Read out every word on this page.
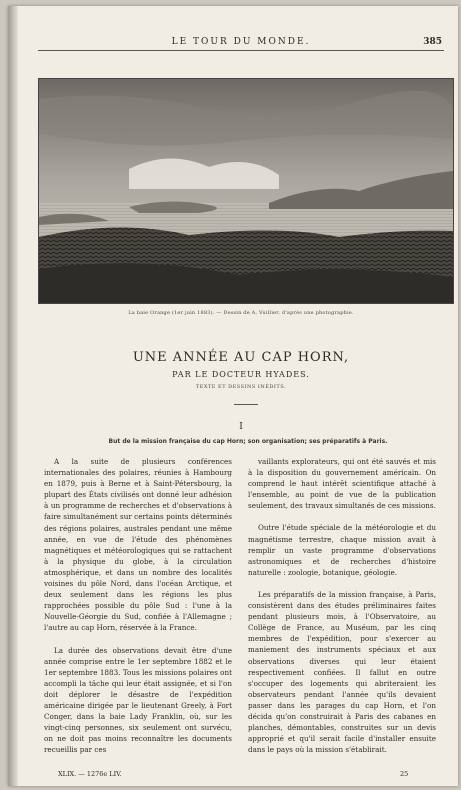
LE TOUR DU MONDE.	385
La baie Orange (1er juin 1883). — Dessin de A. Vuillier, d'après une photographie.
UNE ANNÉE AU CAP HORN,
PAR LE DOCTEUR HYADES.
TEXTE ET DESSINS INÉDITS.
I
But de la mission française du cap Horn; son organisation; ses préparatifs à Paris.

A la suite de plusieurs conférences internationales des polaires, réunies à Hambourg en 1879, puis à Berne et à Saint-Pétersbourg, la plupart des États civilisés ont donné leur adhésion à un programme de recherches et d'observations à faire simultanément sur certains points déterminés des régions polaires, australes pendant une même année, en vue de l'étude des phénomènes magnétiques et météorologiques qui se rattachent à la physique du globe, à la circulation atmosphérique, et dans un nombre des localités voisines du pôle Nord, dans l'océan Arctique, et deux seulement dans les régions les plus rapprochées possible du pôle Sud : l'une à la Nouvelle-Géorgie du Sud, confiée à l'Allemagne ; l'autre au cap Horn, réservée à la France.

La durée des observations devait être d'une année comprise entre le 1er septembre 1882 et le 1er septembre 1883. Tous les missions polaires ont accompli la tâche qui leur était assignée, et si l'on doit déplorer le désastre de l'expédition américaine dirigée par le lieutenant Greely, à Fort Conger, dans la baie Lady Franklin, où, sur les vingt-cinq personnes, six seulement ont survécu, on ne doit pas moins reconnaître les documents recueillis par ces

vaillants explorateurs, qui ont été sauvés et mis à la disposition du gouvernement américain. On comprend le haut intérêt scientifique attaché à l'ensemble, au point de vue de la publication seulement, des travaux simultanés de ces missions.

Outre l'étude spéciale de la météorologie et du magnétisme terrestre, chaque mission avait à remplir un vaste programme d'observations astronomiques et de recherches d'histoire naturelle : zoologie, botanique, géologie.

Les préparatifs de la mission française, à Paris, consistèrent dans des études préliminaires faites pendant plusieurs mois, à l'Observatoire, au Collège de France, au Muséum, par les cinq membres de l'expédition, pour s'exercer au maniement des instruments spéciaux et aux observations diverses qui leur étaient respectivement confiées. Il fallut en outre s'occuper des logements qui abriteraient les observateurs pendant l'année qu'ils devaient passer dans les parages du cap Horn, et l'on décida qu'on construirait à Paris des cabanes en planches, démontables, construites sur un devis approprié et qu'il serait facile d'installer ensuite dans le pays où la mission s'établirait.

XLIX. — 1276e LIV.	25
